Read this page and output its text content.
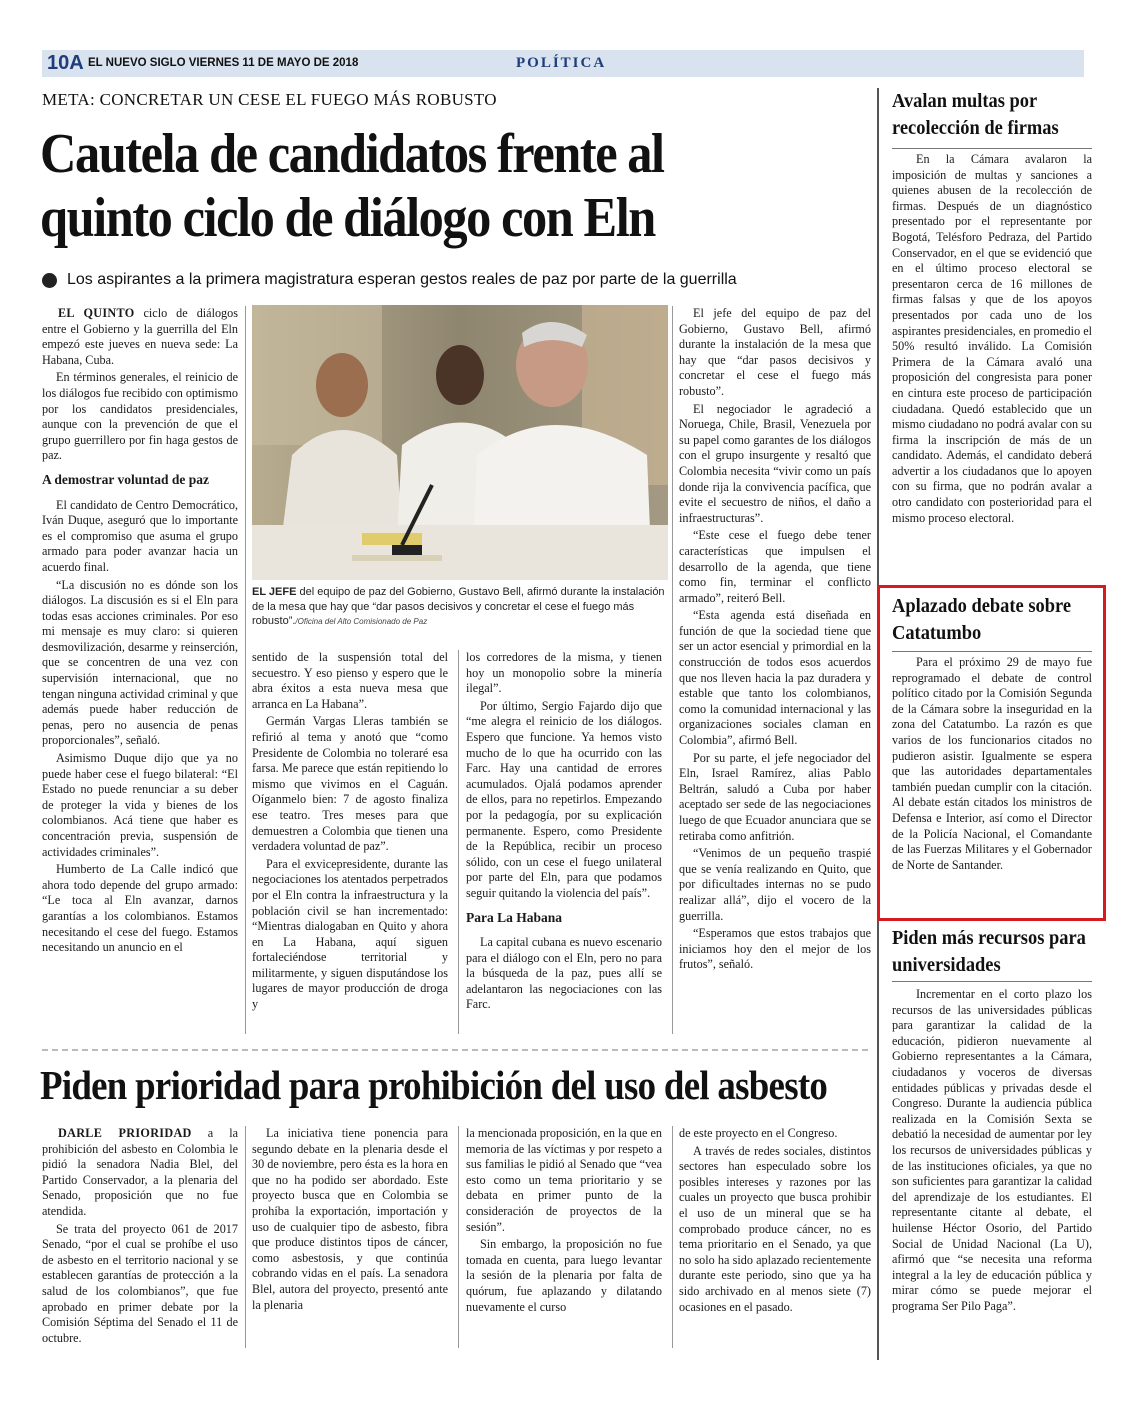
10A EL NUEVO SIGLO VIERNES 11 DE MAYO DE 2018	POLÍTICA
META: CONCRETAR UN CESE EL FUEGO MÁS ROBUSTO
Cautela de candidatos frente al quinto ciclo de diálogo con Eln
Los aspirantes a la primera magistratura esperan gestos reales de paz por parte de la guerrilla

EL QUINTO ciclo de diálogos entre el Gobierno y la guerrilla del Eln empezó este jueves en nueva sede: La Habana, Cuba.

En términos generales, el reinicio de los diálogos fue recibido con optimismo por los candidatos presidenciales, aunque con la prevención de que el grupo guerrillero por fin haga gestos de paz.

A demostrar voluntad de paz

El candidato de Centro Democrático, Iván Duque, aseguró que lo importante es el compromiso que asuma el grupo armado para poder avanzar hacia un acuerdo final.

“La discusión no es dónde son los diálogos. La discusión es si el Eln para todas esas acciones criminales. Por eso mi mensaje es muy claro: si quieren desmovilización, desarme y reinserción, que se concentren de una vez con supervisión internacional, que no tengan ninguna actividad criminal y que además puede haber reducción de penas, pero no ausencia de penas proporcionales”, señaló.

Asimismo Duque dijo que ya no puede haber cese el fuego bilateral: “El Estado no puede renunciar a su deber de proteger la vida y bienes de los colombianos. Acá tiene que haber es concentración previa, suspensión de actividades criminales”.

Humberto de La Calle indicó que ahora todo depende del grupo armado: “Le toca al Eln avanzar, darnos garantías a los colombianos. Estamos necesitando el cese del fuego. Estamos necesitando un anuncio en el

EL JEFE del equipo de paz del Gobierno, Gustavo Bell, afirmó durante la instalación de la mesa que hay que “dar pasos decisivos y concretar el cese el fuego más robusto”./Oficina del Alto Comisionado de Paz

sentido de la suspensión total del secuestro. Y eso pienso y espero que le abra éxitos a esta nueva mesa que arranca en La Habana”.

Germán Vargas Lleras también se refirió al tema y anotó que “como Presidente de Colombia no toleraré esa farsa. Me parece que están repitiendo lo mismo que vivimos en el Caguán. Oíganmelo bien: 7 de agosto finaliza ese teatro. Tres meses para que demuestren a Colombia que tienen una verdadera voluntad de paz”.

Para el exvicepresidente, durante las negociaciones los atentados perpetrados por el Eln contra la infraestructura y la población civil se han incrementado: “Mientras dialogaban en Quito y ahora en La Habana, aquí siguen fortaleciéndose territorial y militarmente, y siguen disputándose los lugares de mayor producción de droga y

los corredores de la misma, y tienen hoy un monopolio sobre la minería ilegal”.

Por último, Sergio Fajardo dijo que “me alegra el reinicio de los diálogos. Espero que funcione. Ya hemos visto mucho de lo que ha ocurrido con las Farc. Hay una cantidad de errores acumulados. Ojalá podamos aprender de ellos, para no repetirlos. Empezando por la pedagogía, por su explicación permanente. Espero, como Presidente de la República, recibir un proceso sólido, con un cese el fuego unilateral por parte del Eln, para que podamos seguir quitando la violencia del país”.

Para La Habana

La capital cubana es nuevo escenario para el diálogo con el Eln, pero no para la búsqueda de la paz, pues allí se adelantaron las negociaciones con las Farc.

El jefe del equipo de paz del Gobierno, Gustavo Bell, afirmó durante la instalación de la mesa que hay que “dar pasos decisivos y concretar el cese el fuego más robusto”.

El negociador le agradeció a Noruega, Chile, Brasil, Venezuela por su papel como garantes de los diálogos con el grupo insurgente y resaltó que Colombia necesita “vivir como un país donde rija la convivencia pacífica, que evite el secuestro de niños, el daño a infraestructuras”.

“Este cese el fuego debe tener características que impulsen el desarrollo de la agenda, que tiene como fin, terminar el conflicto armado”, reiteró Bell.

“Esta agenda está diseñada en función de que la sociedad tiene que ser un actor esencial y primordial en la construcción de todos esos acuerdos que nos lleven hacia la paz duradera y estable que tanto los colombianos, como la comunidad internacional y las organizaciones sociales claman en Colombia”, afirmó Bell.

Por su parte, el jefe negociador del Eln, Israel Ramírez, alias Pablo Beltrán, saludó a Cuba por haber aceptado ser sede de las negociaciones luego de que Ecuador anunciara que se retiraba como anfitrión.

“Venimos de un pequeño traspié que se venía realizando en Quito, que por dificultades internas no se pudo realizar allá”, dijo el vocero de la guerrilla.

“Esperamos que estos trabajos que iniciamos hoy den el mejor de los frutos”, señaló.

Avalan multas por recolección de firmas

En la Cámara avalaron la imposición de multas y sanciones a quienes abusen de la recolección de firmas. Después de un diagnóstico presentado por el representante por Bogotá, Telésforo Pedraza, del Partido Conservador, en el que se evidenció que en el último proceso electoral se presentaron cerca de 16 millones de firmas falsas y que de los apoyos presentados por cada uno de los aspirantes presidenciales, en promedio el 50% resultó inválido. La Comisión Primera de la Cámara avaló una proposición del congresista para poner en cintura este proceso de participación ciudadana. Quedó establecido que un mismo ciudadano no podrá avalar con su firma la inscripción de más de un candidato. Además, el candidato deberá advertir a los ciudadanos que lo apoyen con su firma, que no podrán avalar a otro candidato con posterioridad para el mismo proceso electoral.

Aplazado debate sobre Catatumbo

Para el próximo 29 de mayo fue reprogramado el debate de control político citado por la Comisión Segunda de la Cámara sobre la inseguridad en la zona del Catatumbo. La razón es que varios de los funcionarios citados no pudieron asistir. Igualmente se espera que las autoridades departamentales también puedan cumplir con la citación. Al debate están citados los ministros de Defensa e Interior, así como el Director de la Policía Nacional, el Comandante de las Fuerzas Militares y el Gobernador de Norte de Santander.

Piden más recursos para universidades

Incrementar en el corto plazo los recursos de las universidades públicas para garantizar la calidad de la educación, pidieron nuevamente al Gobierno representantes a la Cámara, ciudadanos y voceros de diversas entidades públicas y privadas desde el Congreso. Durante la audiencia pública realizada en la Comisión Sexta se debatió la necesidad de aumentar por ley los recursos de universidades públicas y de las instituciones oficiales, ya que no son suficientes para garantizar la calidad del aprendizaje de los estudiantes. El representante citante al debate, el huilense Héctor Osorio, del Partido Social de Unidad Nacional (La U), afirmó que “se necesita una reforma integral a la ley de educación pública y mirar cómo se puede mejorar el programa Ser Pilo Paga”.

Piden prioridad para prohibición del uso del asbesto

DARLE PRIORIDAD a la prohibición del asbesto en Colombia le pidió la senadora Nadia Blel, del Partido Conservador, a la plenaria del Senado, proposición que no fue atendida.

Se trata del proyecto 061 de 2017 Senado, “por el cual se prohíbe el uso de asbesto en el territorio nacional y se establecen garantías de protección a la salud de los colombianos”, que fue aprobado en primer debate por la Comisión Séptima del Senado el 11 de octubre.

La iniciativa tiene ponencia para segundo debate en la plenaria desde el 30 de noviembre, pero ésta es la hora en que no ha podido ser abordado. Este proyecto busca que en Colombia se prohíba la exportación, importación y uso de cualquier tipo de asbesto, fibra que produce distintos tipos de cáncer, como asbestosis, y que continúa cobrando vidas en el país. La senadora Blel, autora del proyecto, presentó ante la plenaria

la mencionada proposición, en la que en memoria de las víctimas y por respeto a sus familias le pidió al Senado que “vea esto como un tema prioritario y se debata en primer punto de la consideración de proyectos de la sesión”.

Sin embargo, la proposición no fue tomada en cuenta, para luego levantar la sesión de la plenaria por falta de quórum, fue aplazando y dilatando nuevamente el curso

de este proyecto en el Congreso.

A través de redes sociales, distintos sectores han especulado sobre los posibles intereses y razones por las cuales un proyecto que busca prohibir el uso de un mineral que se ha comprobado produce cáncer, no es tema prioritario en el Senado, ya que no solo ha sido aplazado recientemente durante este periodo, sino que ya ha sido archivado en al menos siete (7) ocasiones en el pasado.
